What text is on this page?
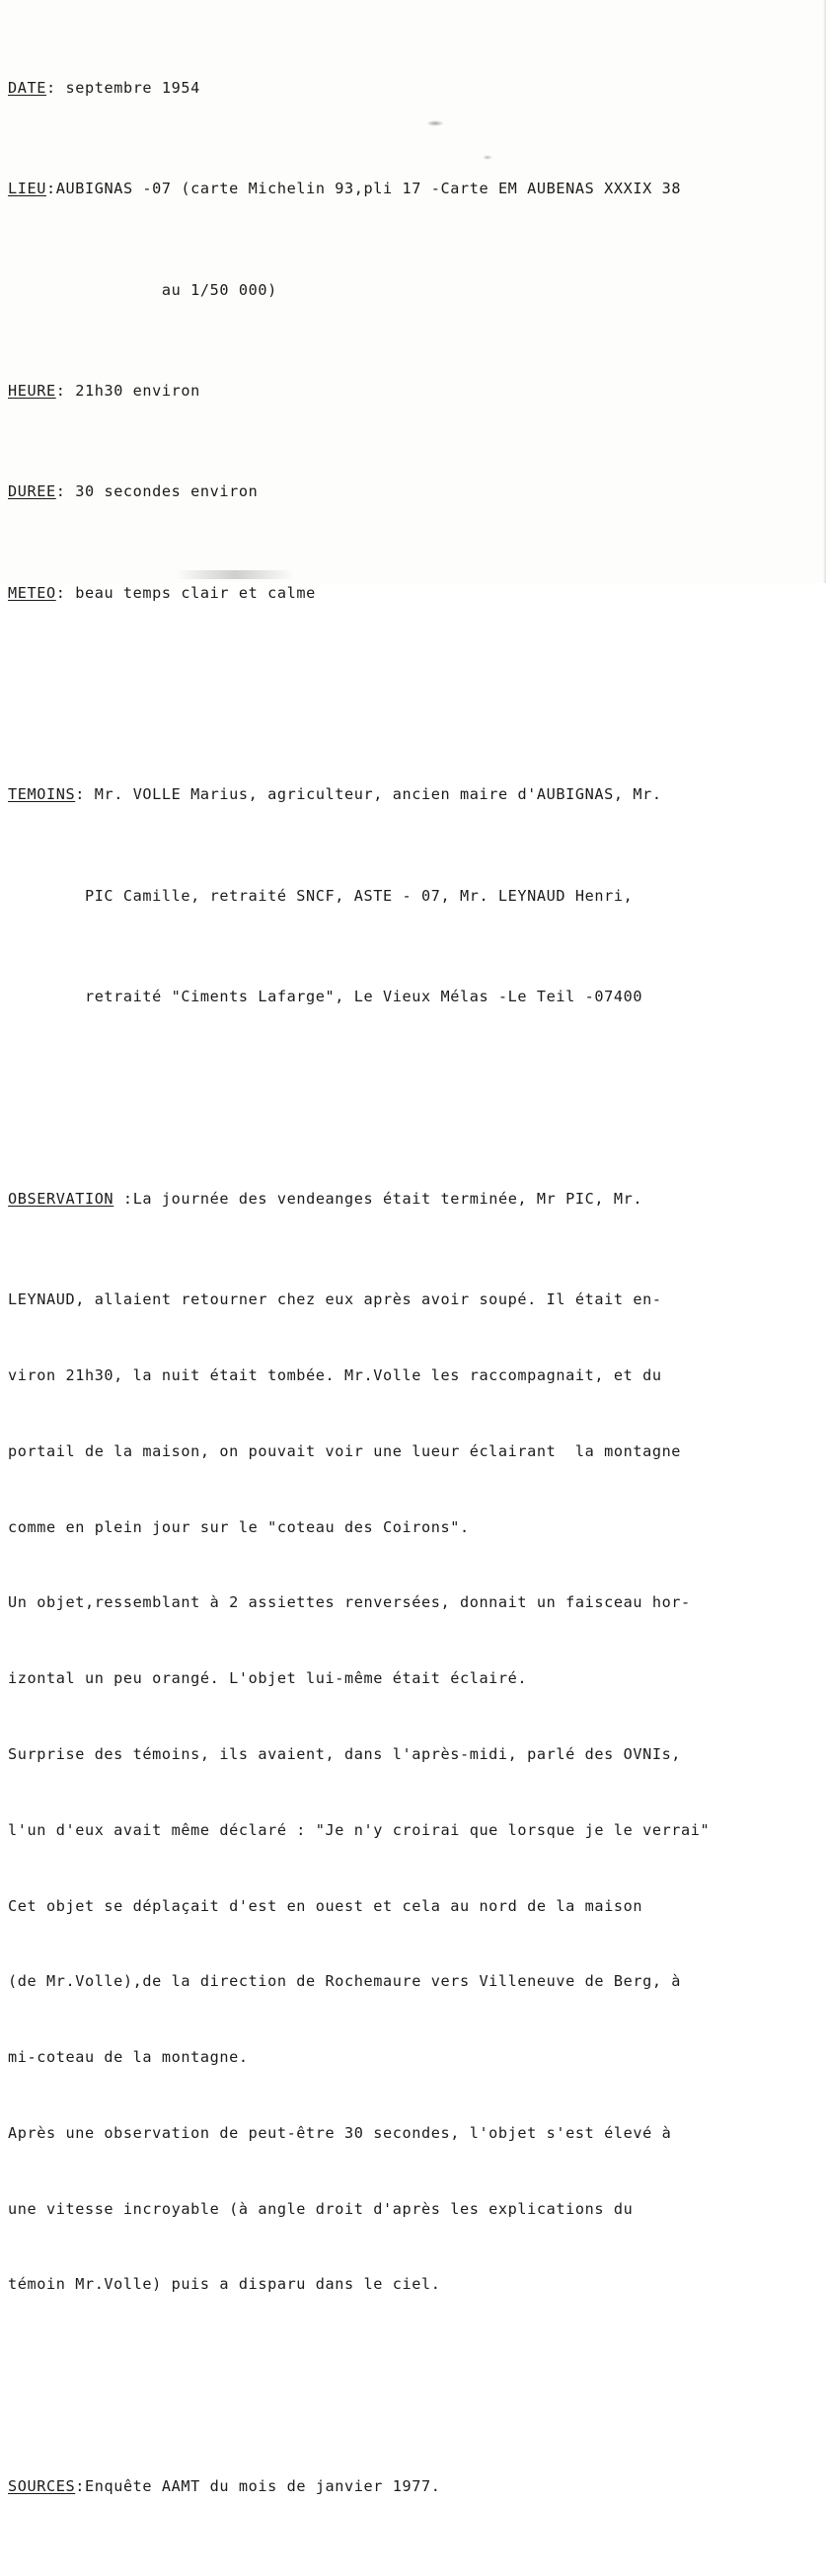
DATE: septembre 1954

LIEU:AUBIGNAS -07 (carte Michelin 93,pli 17 -Carte EM AUBENAS XXXIX 38

au 1/50 000)

HEURE: 21h30 environ

DUREE: 30 secondes environ

METEO: beau temps clair et calme

TEMOINS: Mr. VOLLE Marius, agriculteur, ancien maire d'AUBIGNAS, Mr.

PIC Camille, retraité SNCF, ASTE - 07, Mr. LEYNAUD Henri,

retraité "Ciments Lafarge", Le Vieux Mélas -Le Teil -07400

OBSERVATION :La journée des vendeanges était terminée, Mr PIC, Mr.

LEYNAUD, allaient retourner chez eux après avoir soupé. Il était en-

viron 21h30, la nuit était tombée. Mr.Volle les raccompagnait, et du

portail de la maison, on pouvait voir une lueur éclairant  la montagne

comme en plein jour sur le "coteau des Coirons".

Un objet,ressemblant à 2 assiettes renversées, donnait un faisceau hor-

izontal un peu orangé. L'objet lui-même était éclairé.

Surprise des témoins, ils avaient, dans l'après-midi, parlé des OVNIs,

l'un d'eux avait même déclaré : "Je n'y croirai que lorsque je le verrai"

Cet objet se déplaçait d'est en ouest et cela au nord de la maison

(de Mr.Volle),de la direction de Rochemaure vers Villeneuve de Berg, à

mi-coteau de la montagne.

Après une observation de peut-être 30 secondes, l'objet s'est élevé à

une vitesse incroyable (à angle droit d'après les explications du

témoin Mr.Volle) puis a disparu dans le ciel.

SOURCES:Enquête AAMT du mois de janvier 1977.
